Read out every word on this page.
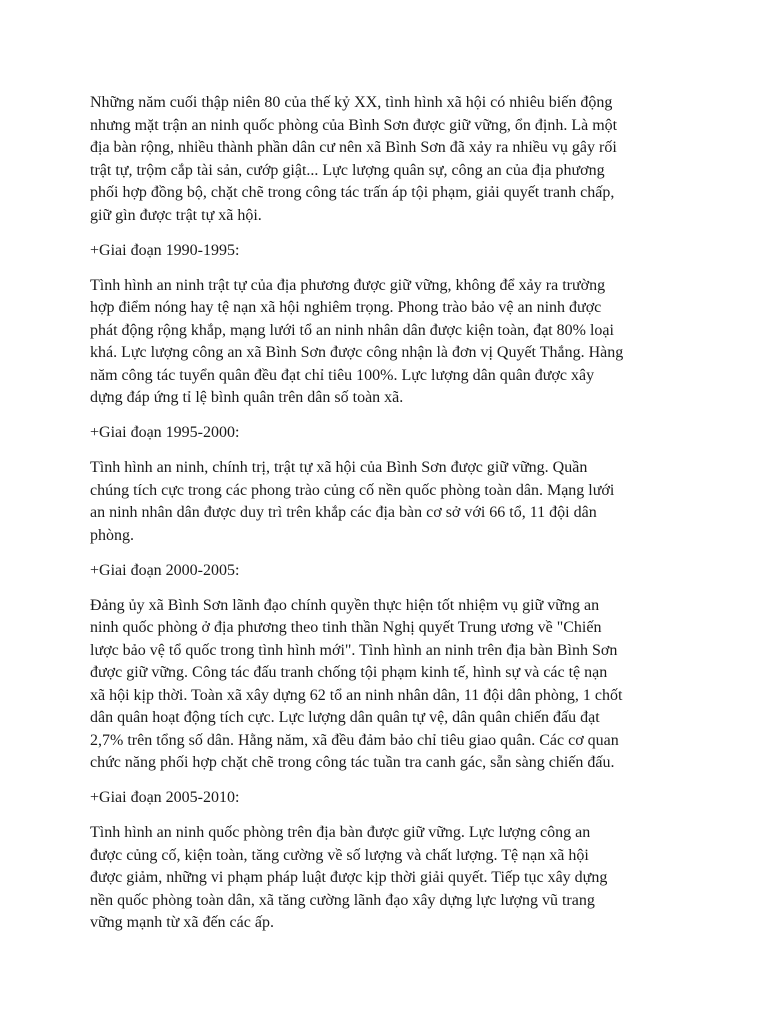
Những năm cuối thập niên 80 của thế kỷ XX, tình hình xã hội có nhiêu biến động
nhưng mặt trận an ninh quốc phòng của Bình Sơn được giữ vững, ổn định. Là một
địa bàn rộng, nhiều thành phần dân cư nên xã Bình Sơn đã xảy ra nhiều vụ gây rối
trật tự, trộm cắp tài sản, cướp giật... Lực lượng quân sự, công an của địa phương
phối hợp đồng bộ, chặt chẽ trong công tác trấn áp tội phạm, giải quyết tranh chấp,
giữ gìn được trật tự xã hội.

+Giai đoạn 1990-1995:

Tình hình an ninh trật tự của địa phương được giữ vững, không để xảy ra trường
hợp điểm nóng hay tệ nạn xã hội nghiêm trọng. Phong trào bảo vệ an ninh được
phát động rộng khắp, mạng lưới tổ an ninh nhân dân được kiện toàn, đạt 80% loại
khá. Lực lượng công an xã Bình Sơn được công nhận là đơn vị Quyết Thắng. Hàng
năm công tác tuyển quân đều đạt chỉ tiêu 100%. Lực lượng dân quân được xây
dựng đáp ứng tỉ lệ bình quân trên dân số toàn xã.

+Giai đoạn 1995-2000:

Tình hình an ninh, chính trị, trật tự xã hội của Bình Sơn được giữ vững. Quần
chúng tích cực trong các phong trào củng cố nền quốc phòng toàn dân. Mạng lưới
an ninh nhân dân được duy trì trên khắp các địa bàn cơ sở với 66 tổ, 11 đội dân
phòng.

+Giai đoạn 2000-2005:

Đảng ủy xã Bình Sơn lãnh đạo chính quyền thực hiện tốt nhiệm vụ giữ vững an
ninh quốc phòng ở địa phương theo tinh thần Nghị quyết Trung ương về "Chiến
lược bảo vệ tổ quốc trong tình hình mới". Tình hình an ninh trên địa bàn Bình Sơn
được giữ vững. Công tác đấu tranh chống tội phạm kinh tế, hình sự và các tệ nạn
xã hội kịp thời. Toàn xã xây dựng 62 tổ an ninh nhân dân, 11 đội dân phòng, 1 chốt
dân quân hoạt động tích cực. Lực lượng dân quân tự vệ, dân quân chiến đấu đạt
2,7% trên tổng số dân. Hằng năm, xã đều đảm bảo chỉ tiêu giao quân. Các cơ quan
chức năng phối hợp chặt chẽ trong công tác tuần tra canh gác, sẵn sàng chiến đấu.

+Giai đoạn 2005-2010:

Tình hình an ninh quốc phòng trên địa bàn được giữ vững. Lực lượng công an
được củng cố, kiện toàn, tăng cường về số lượng và chất lượng. Tệ nạn xã hội
được giảm, những vi phạm pháp luật được kịp thời giải quyết. Tiếp tục xây dựng
nền quốc phòng toàn dân, xã tăng cường lãnh đạo xây dựng lực lượng vũ trang
vững mạnh từ xã đến các ấp.
